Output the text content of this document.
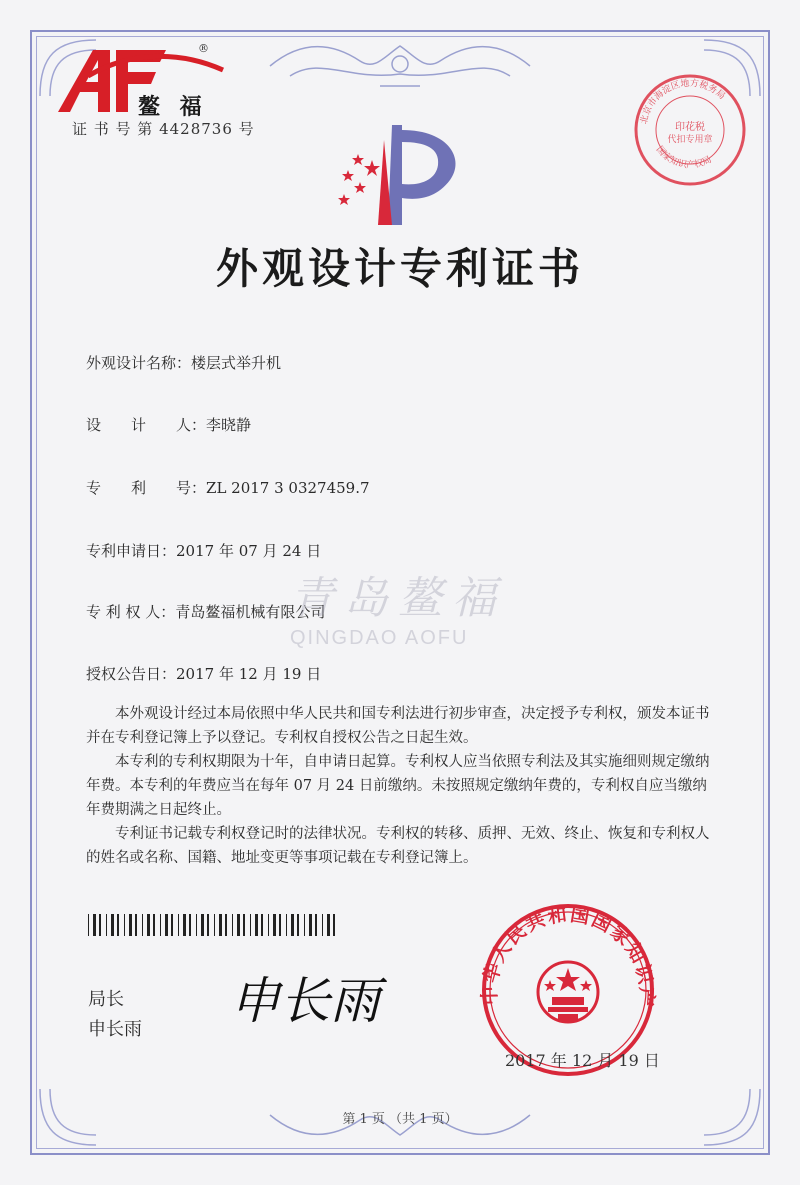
®
鳌 福
证 书 号 第 4428736 号
北京市海淀区地方税务局
国家知识产权局
印花税
代扣专用章
外观设计专利证书
外观设计名称：楼层式举升机
设　　计　　人：李晓静
专　　利　　号：ZL 2017 3 0327459.7
专利申请日：2017 年 07 月 24 日
专 利 权 人：青岛鳌福机械有限公司
授权公告日：2017 年 12 月 19 日
青岛鳌福
QINGDAO AOFU
本外观设计经过本局依照中华人民共和国专利法进行初步审查，决定授予专利权，颁发本证书并在专利登记簿上予以登记。专利权自授权公告之日起生效。
本专利的专利权期限为十年，自申请日起算。专利权人应当依照专利法及其实施细则规定缴纳年费。本专利的年费应当在每年 07 月 24 日前缴纳。未按照规定缴纳年费的，专利权自应当缴纳年费期满之日起终止。
专利证书记载专利权登记时的法律状况。专利权的转移、质押、无效、终止、恢复和专利权人的姓名或名称、国籍、地址变更等事项记载在专利登记簿上。
局长
申长雨 申长雨	中华人民共和国国家知识产
2017 年 12 月 19 日
第 1 页 （共 1 页）
